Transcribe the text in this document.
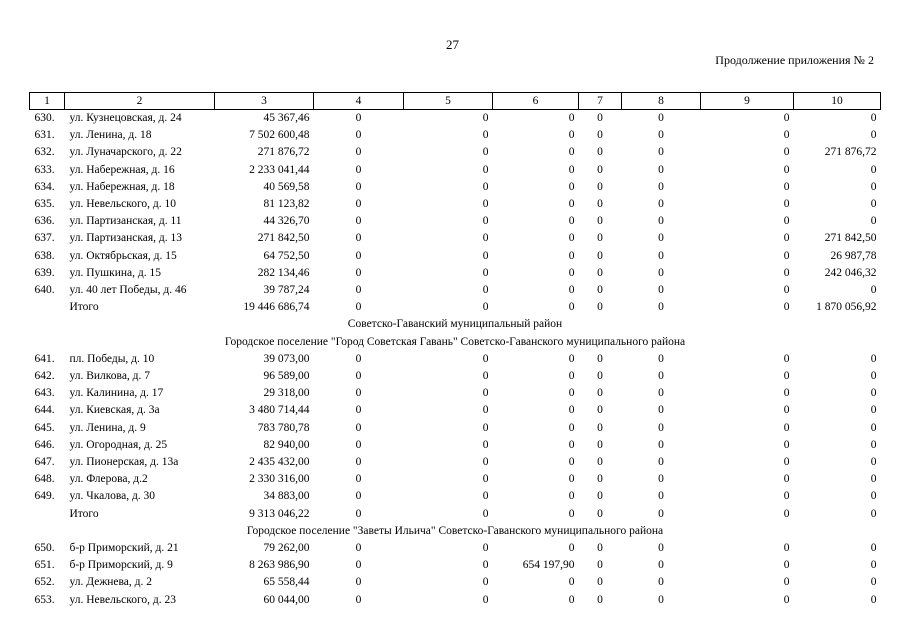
27
Продолжение приложения № 2
1	2	3	4	5	6	7	8	9	10
630.	ул. Кузнецовская, д. 24	45 367,46	0	0	0	0	0	0	0
631.	ул. Ленина, д. 18	7 502 600,48	0	0	0	0	0	0	0
632.	ул. Луначарского, д. 22	271 876,72	0	0	0	0	0	0	271 876,72
633.	ул. Набережная, д. 16	2 233 041,44	0	0	0	0	0	0	0
634.	ул. Набережная, д. 18	40 569,58	0	0	0	0	0	0	0
635.	ул. Невельского, д. 10	81 123,82	0	0	0	0	0	0	0
636.	ул. Партизанская, д. 11	44 326,70	0	0	0	0	0	0	0
637.	ул. Партизанская, д. 13	271 842,50	0	0	0	0	0	0	271 842,50
638.	ул. Октябрьская, д. 15	64 752,50	0	0	0	0	0	0	26 987,78
639.	ул. Пушкина, д. 15	282 134,46	0	0	0	0	0	0	242 046,32
640.	ул. 40 лет Победы, д. 46	39 787,24	0	0	0	0	0	0	0
	Итого	19 446 686,74	0	0	0	0	0	0	1 870 056,92
Советско-Гаванский муниципальный район									
Городское поселение "Город Советская Гавань" Советско-Гаванского муниципального района									
641.	пл. Победы, д. 10	39 073,00	0	0	0	0	0	0	0
642.	ул. Вилкова, д. 7	96 589,00	0	0	0	0	0	0	0
643.	ул. Калинина, д. 17	29 318,00	0	0	0	0	0	0	0
644.	ул. Киевская, д. 3а	3 480 714,44	0	0	0	0	0	0	0
645.	ул. Ленина, д. 9	783 780,78	0	0	0	0	0	0	0
646.	ул. Огородная, д. 25	82 940,00	0	0	0	0	0	0	0
647.	ул. Пионерская, д. 13а	2 435 432,00	0	0	0	0	0	0	0
648.	ул. Флерова, д.2	2 330 316,00	0	0	0	0	0	0	0
649.	ул. Чкалова, д. 30	34 883,00	0	0	0	0	0	0	0
	Итого	9 313 046,22	0	0	0	0	0	0	0
Городское поселение "Заветы Ильича" Советско-Гаванского муниципального района									
650.	б-р Приморский, д. 21	79 262,00	0	0	0	0	0	0	0
651.	б-р Приморский, д. 9	8 263 986,90	0	0	654 197,90	0	0	0	0
652.	ул. Дежнева, д. 2	65 558,44	0	0	0	0	0	0	0
653.	ул. Невельского, д. 23	60 044,00	0	0	0	0	0	0	0
